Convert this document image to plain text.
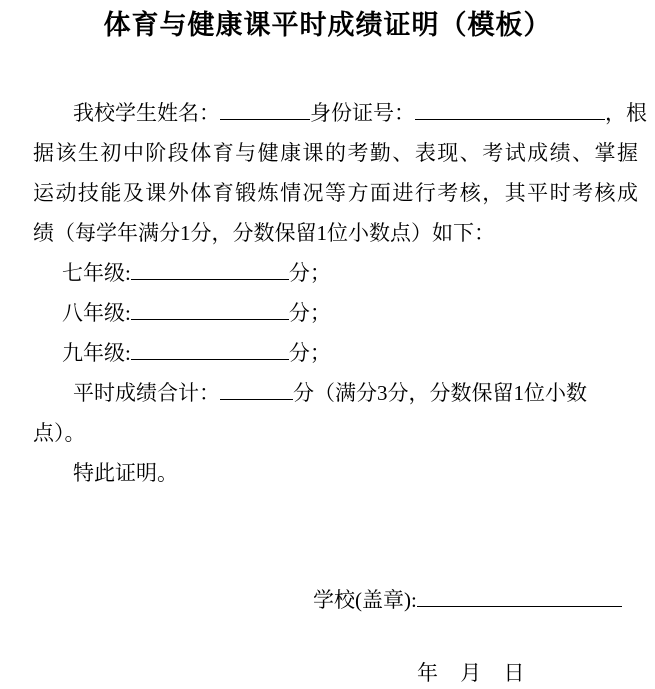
体育与健康课平时成绩证明（模板）
我校学生姓名：	身份证号：	，根
据该生初中阶段体育与健康课的考勤、表现、考试成绩、掌握
运动技能及课外体育锻炼情况等方面进行考核，其平时考核成
绩（每学年满分1分，分数保留1位小数点）如下：
七年级:	分；
八年级:	分；
九年级:	分；
平时成绩合计：	分（满分3分，分数保留1位小数
点）。
特此证明。
学校(盖章):
年 月 日
